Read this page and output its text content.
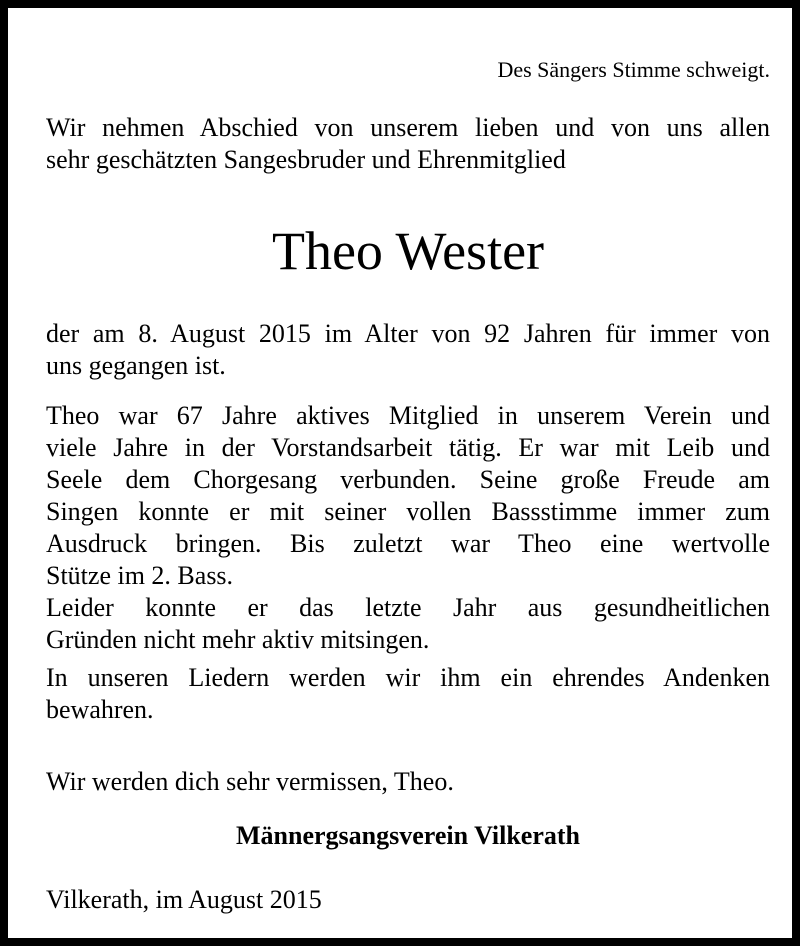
Des Sängers Stimme schweigt.
Wir nehmen Abschied von unserem lieben und von uns allen
sehr geschätzten Sangesbruder und Ehrenmitglied
Theo Wester
der am 8. August 2015 im Alter von 92 Jahren für immer von
uns gegangen ist.
Theo war 67 Jahre aktives Mitglied in unserem Verein und
viele Jahre in der Vorstandsarbeit tätig. Er war mit Leib und
Seele dem Chorgesang verbunden. Seine große Freude am
Singen konnte er mit seiner vollen Bassstimme immer zum
Ausdruck bringen. Bis zuletzt war Theo eine wertvolle
Stütze im 2. Bass.
Leider konnte er das letzte Jahr aus gesundheitlichen
Gründen nicht mehr aktiv mitsingen.
In unseren Liedern werden wir ihm ein ehrendes Andenken
bewahren.
Wir werden dich sehr vermissen, Theo.
Männergsangsverein Vilkerath
Vilkerath, im August 2015
